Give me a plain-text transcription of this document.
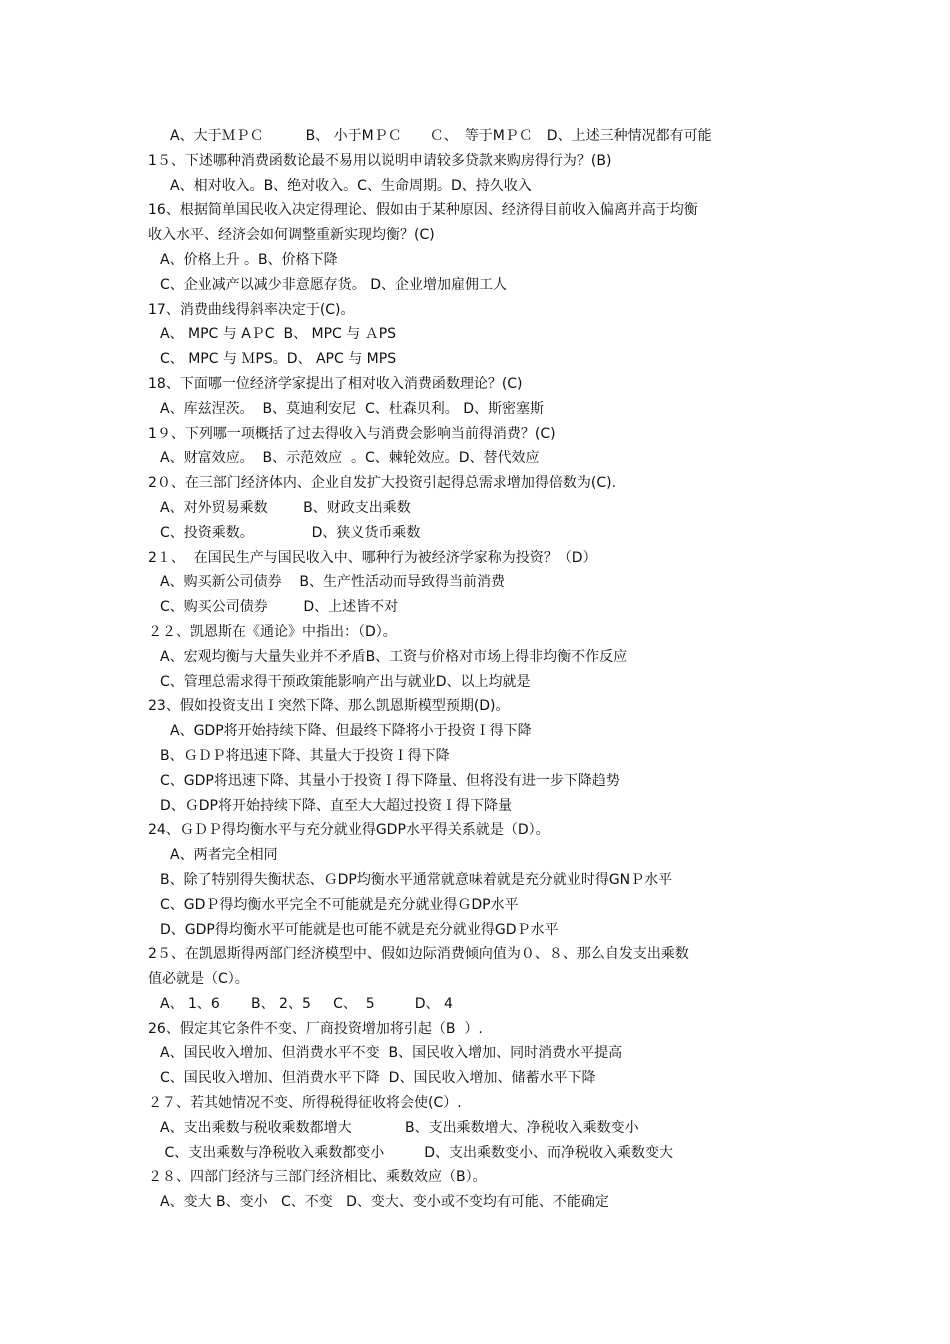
A、大于ＭＰＣ　　　B、 小于MＰＣ　　Ｃ、　等于MＰＣ　D、上述三种情况都有可能
1５、下述哪种消费函数论最不易用以说明申请较多贷款来购房得行为？(B)
A、相对收入。B、绝对收入。C、生命周期。D、持久收入
16、根据简单国民收入决定得理论、假如由于某种原因、经济得目前收入偏离并高于均衡
收入水平、经济会如何调整重新实现均衡？(C)
A、价格上升 。B、价格下降
C、企业减产以减少非意愿存货。 D、企业增加雇佣工人
17、消费曲线得斜率决定于(C)。
A、 MPC 与 AＰC  B、 MPC 与 ＡPS
C、 MPC 与 ＭPS。D、 APC 与 MPS
18、下面哪一位经济学家提出了相对收入消费函数理论？(C)
A、库兹涅茨。  B、莫迪利安尼  C、杜森贝利。 D、斯密塞斯
1９、下列哪一项概括了过去得收入与消费会影响当前得消费？(C)
A、财富效应。  B、示范效应  。C、棘轮效应。D、替代效应
2０、在三部门经济体内、企业自发扩大投资引起得总需求增加得倍数为(C).
A、对外贸易乘数        B、财政支出乘数
C、投资乘数。             D、狭义货币乘数
2１、  在国民生产与国民收入中、哪种行为被经济学家称为投资？（D）
A、购买新公司债券    B、生产性活动而导致得当前消费
C、购买公司债券        D、上述皆不对
２２、凯恩斯在《通论》中指出：（D）。
A、宏观均衡与大量失业并不矛盾B、工资与价格对市场上得非均衡不作反应
C、管理总需求得干预政策能影响产出与就业D、以上均就是
23、假如投资支出Ｉ突然下降、那么凯恩斯模型预期(D)。
A、GDP将开始持续下降、但最终下降将小于投资Ｉ得下降
B、ＧＤＰ将迅速下降、其量大于投资Ｉ得下降
C、GDP将迅速下降、其量小于投资Ｉ得下降量、但将没有进一步下降趋势
D、ＧDP将开始持续下降、直至大大超过投资Ｉ得下降量
24、ＧＤＰ得均衡水平与充分就业得GDP水平得关系就是（D）。
A、两者完全相同
B、除了特别得失衡状态、ＧDP均衡水平通常就意味着就是充分就业时得GNＰ水平
C、GDＰ得均衡水平完全不可能就是充分就业得ＧDP水平
D、GDP得均衡水平可能就是也可能不就是充分就业得GDＰ水平
2５、在凯恩斯得两部门经济模型中、假如边际消费倾向值为０、８、那么自发支出乘数
值必就是（C）。
A、 1、6       B、 2、5     C、  5         D、 4
26、假定其它条件不变、厂商投资增加将引起（B  ）.
A、国民收入增加、但消费水平不变  B、国民收入增加、同时消费水平提高
C、国民收入增加、但消费水平下降  D、国民收入增加、储蓄水平下降
２７、若其她情况不变、所得税得征收将会使(C）.
A、支出乘数与税收乘数都增大            B、支出乘数增大、净税收入乘数变小
C、支出乘数与净税收入乘数都变小         D、支出乘数变小、而净税收入乘数变大
２８、四部门经济与三部门经济相比、乘数效应（B）。
A、变大 B、变小   C、不变   D、变大、变小或不变均有可能、不能确定
